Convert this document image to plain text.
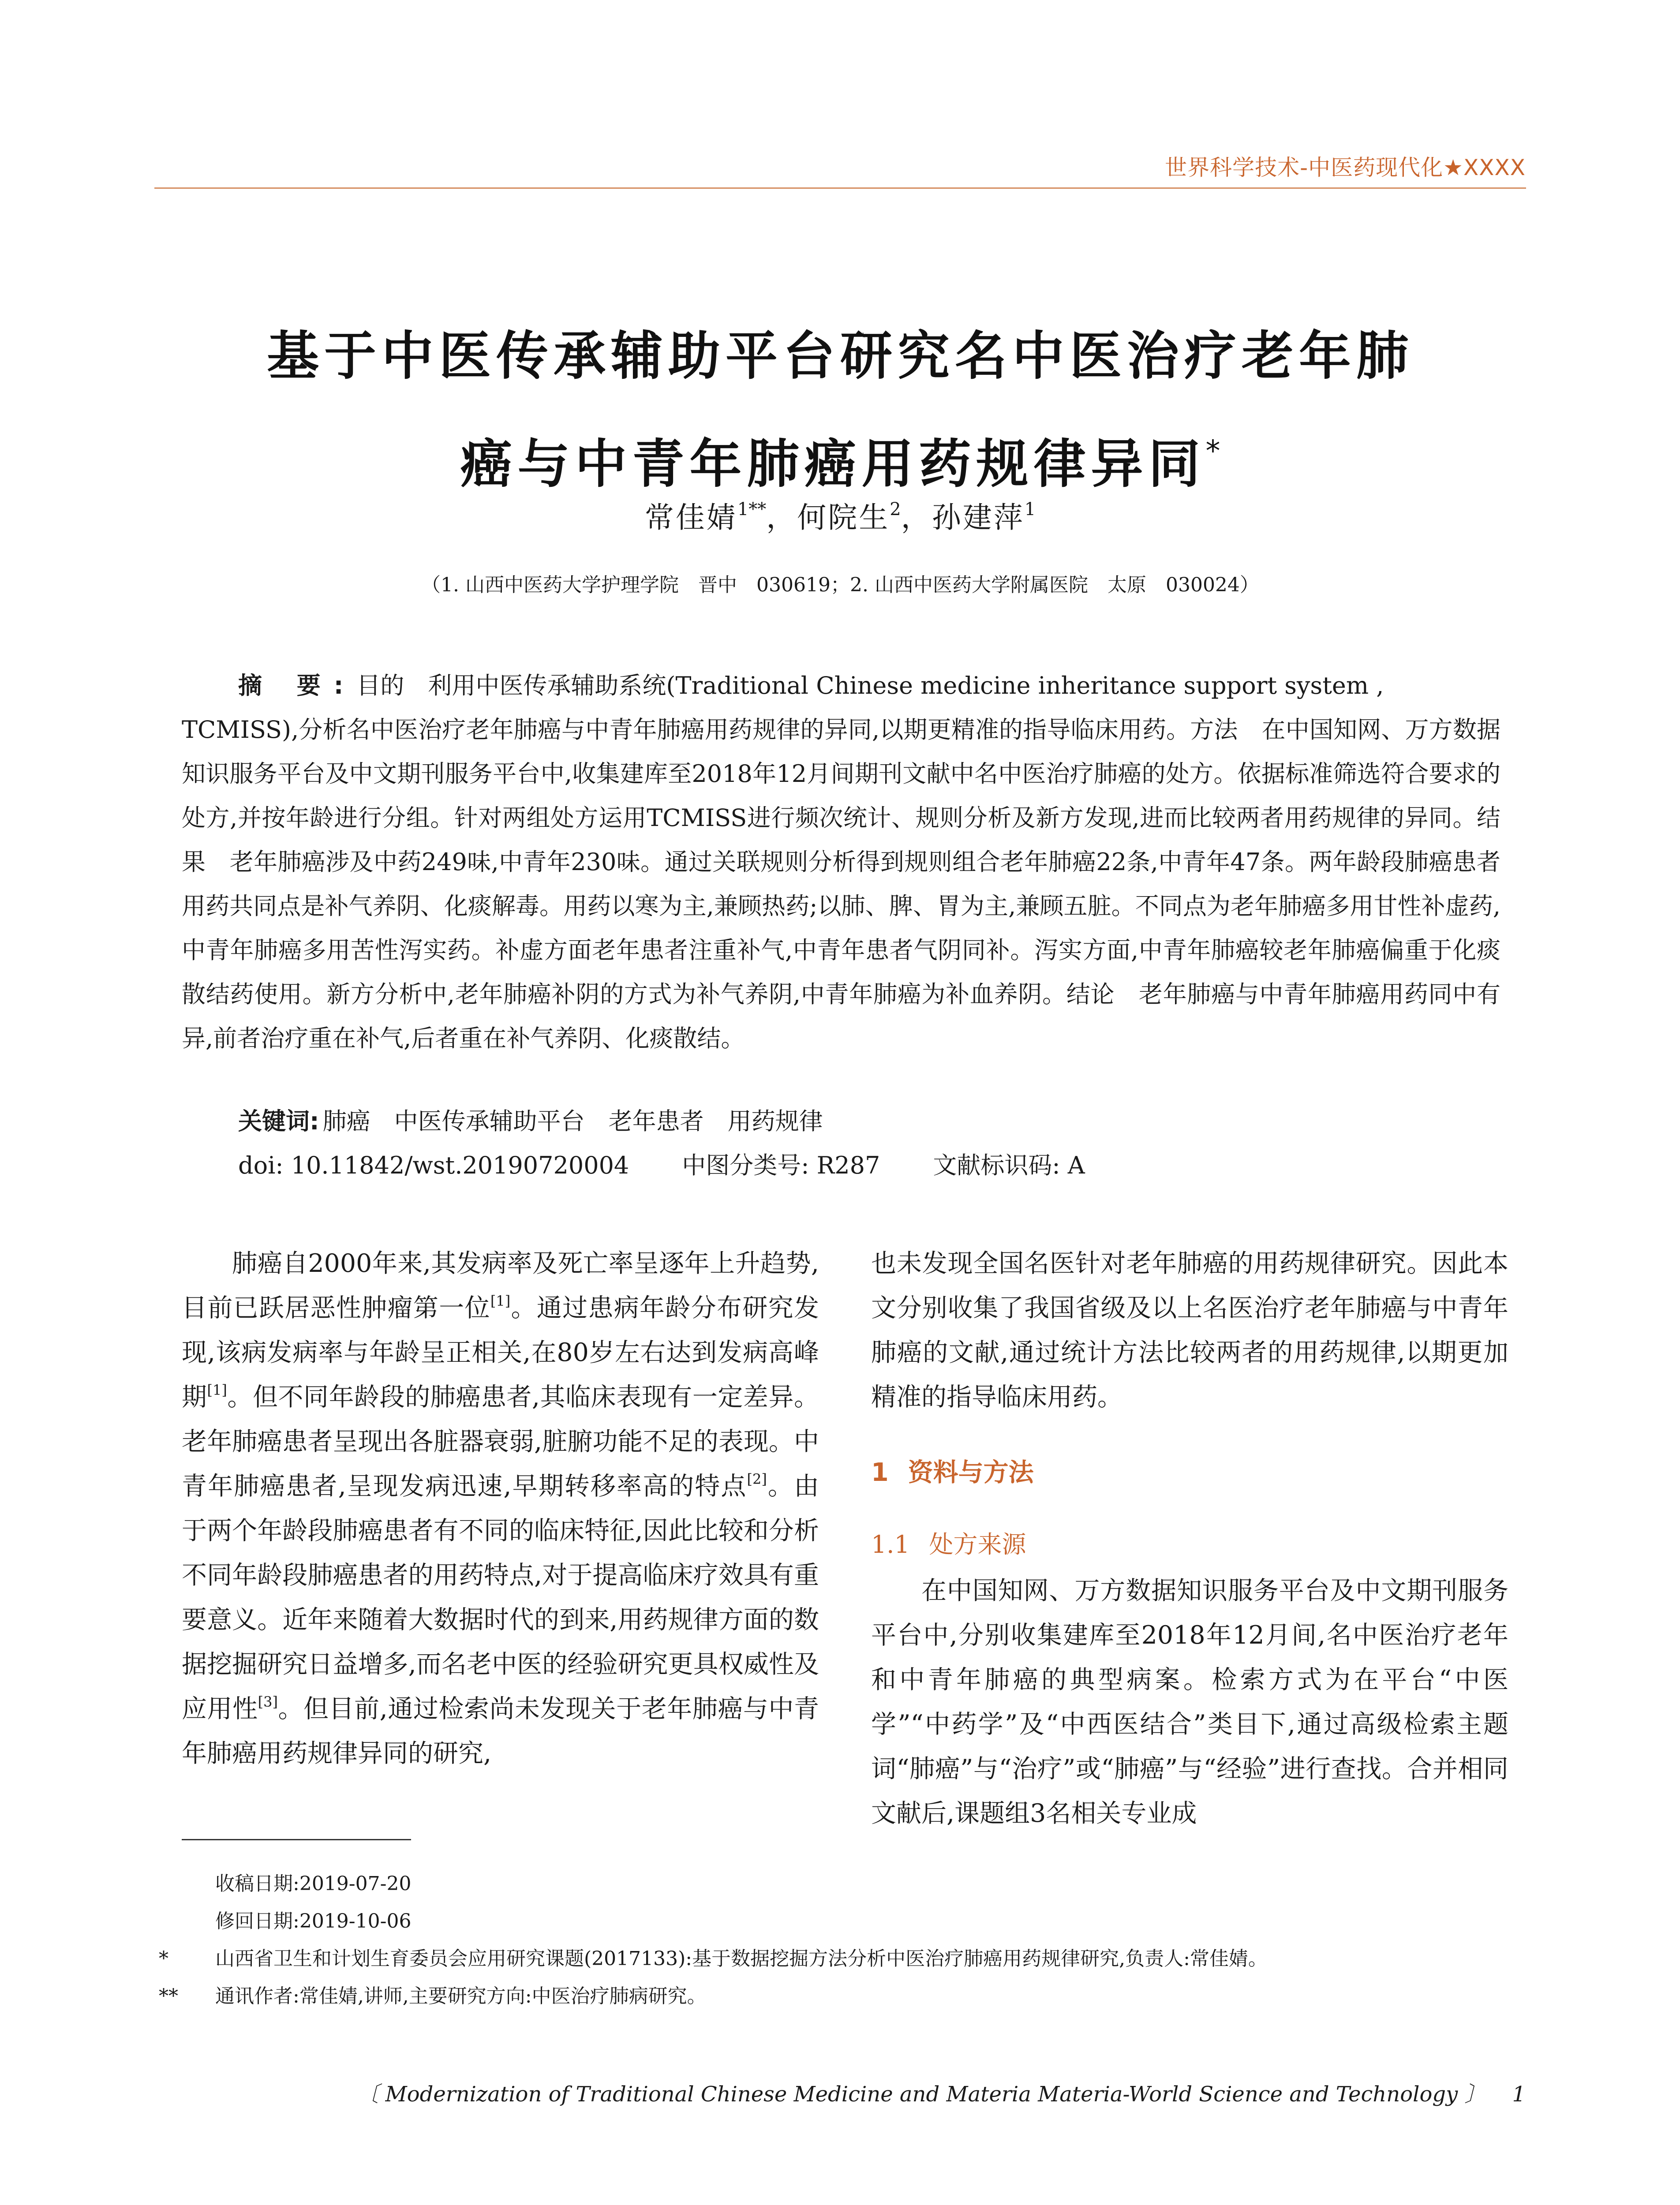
世界科学技术-中医药现代化★XXXX
基于中医传承辅助平台研究名中医治疗老年肺
癌与中青年肺癌用药规律异同*
常佳婧$^{1**}$，何院生$^2$，孙建萍$^1$
（1. 山西中医药大学护理学院　晋中　030619；2. 山西中医药大学附属医院　太原　030024）

摘 要:目的　利用中医传承辅助系统(Traditional Chinese medicine inheritance support system ,

TCMISS),分析名中医治疗老年肺癌与中青年肺癌用药规律的异同,以期更精准的指导临床用药。方法　在中国知网、万方数据知识服务平台及中文期刊服务平台中,收集建库至2018年12月间期刊文献中名中医治疗肺癌的处方。依据标准筛选符合要求的处方,并按年龄进行分组。针对两组处方运用TCMISS进行频次统计、规则分析及新方发现,进而比较两者用药规律的异同。结果　老年肺癌涉及中药249味,中青年230味。通过关联规则分析得到规则组合老年肺癌22条,中青年47条。两年龄段肺癌患者用药共同点是补气养阴、化痰解毒。用药以寒为主,兼顾热药;以肺、脾、胃为主,兼顾五脏。不同点为老年肺癌多用甘性补虚药,中青年肺癌多用苦性泻实药。补虚方面老年患者注重补气,中青年患者气阴同补。泻实方面,中青年肺癌较老年肺癌偏重于化痰散结药使用。新方分析中,老年肺癌补阴的方式为补气养阴,中青年肺癌为补血养阴。结论　老年肺癌与中青年肺癌用药同中有异,前者治疗重在补气,后者重在补气养阴、化痰散结。

关键词: 肺癌　中医传承辅助平台　老年患者　用药规律
doi: 10.11842/wst.20190720004 中图分类号: R287 文献标识码: A

肺癌自2000年来,其发病率及死亡率呈逐年上升趋势,目前已跃居恶性肿瘤第一位[1]。通过患病年龄分布研究发现,该病发病率与年龄呈正相关,在80岁左右达到发病高峰期[1]。但不同年龄段的肺癌患者,其临床表现有一定差异。老年肺癌患者呈现出各脏器衰弱,脏腑功能不足的表现。中青年肺癌患者,呈现发病迅速,早期转移率高的特点[2]。由于两个年龄段肺癌患者有不同的临床特征,因此比较和分析不同年龄段肺癌患者的用药特点,对于提高临床疗效具有重要意义。近年来随着大数据时代的到来,用药规律方面的数据挖掘研究日益增多,而名老中医的经验研究更具权威性及应用性[3]。但目前,通过检索尚未发现关于老年肺癌与中青年肺癌用药规律异同的研究,

也未发现全国名医针对老年肺癌的用药规律研究。因此本文分别收集了我国省级及以上名医治疗老年肺癌与中青年肺癌的文献,通过统计方法比较两者的用药规律,以期更加精准的指导临床用药。

1 资料与方法
1.1 处方来源

在中国知网、万方数据知识服务平台及中文期刊服务平台中,分别收集建库至2018年12月间,名中医治疗老年和中青年肺癌的典型病案。检索方式为在平台“中医学”“中药学”及“中西医结合”类目下,通过高级检索主题词“肺癌”与“治疗”或“肺癌”与“经验”进行查找。合并相同文献后,课题组3名相关专业成

收稿日期:2019-07-20
修回日期:2019-10-06
* 山西省卫生和计划生育委员会应用研究课题(2017133):基于数据挖掘方法分析中医治疗肺癌用药规律研究,负责人:常佳婧。
** 通讯作者:常佳婧,讲师,主要研究方向:中医治疗肺病研究。
〔 Modernization of Traditional Chinese Medicine and Materia Materia-World Science and Technology 〕 1
